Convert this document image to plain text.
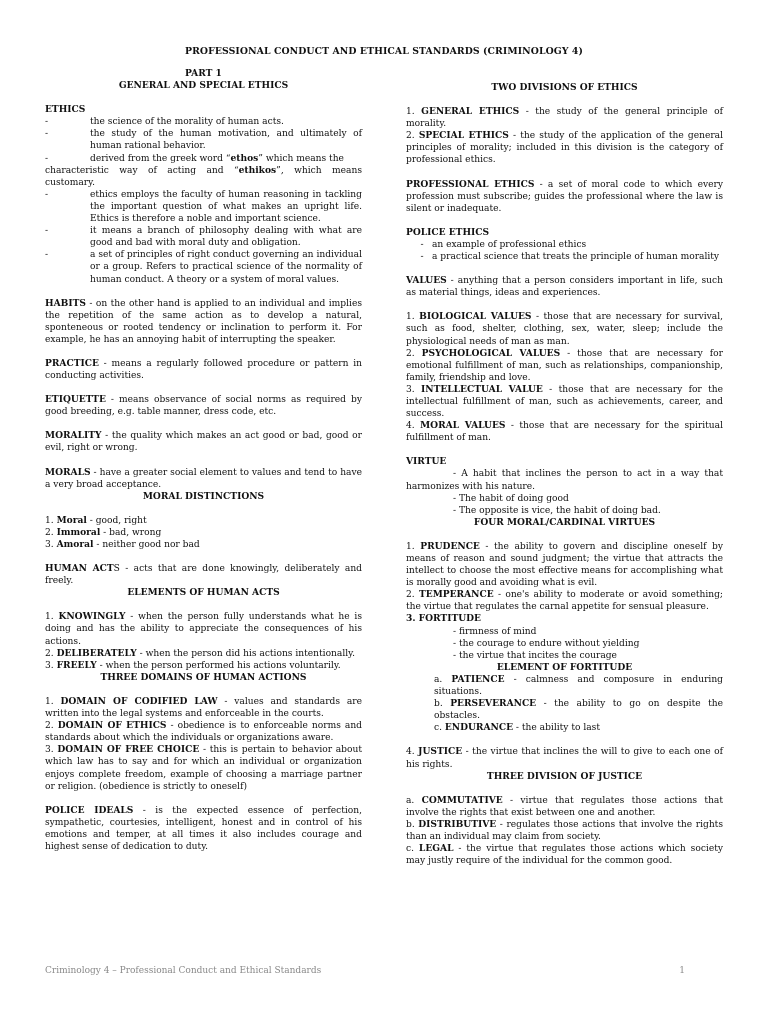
PROFESSIONAL CONDUCT AND ETHICAL STANDARDS (CRIMINOLOGY 4)

PART 1

GENERAL AND SPECIAL ETHICS

ETHICS

-	the science of the morality of human acts.
-	the study of the human motivation, and ultimately of human rational behavior.
-	derived from the greek word “ethos” which means the

characteristic way of acting and “ethikos”, which means customary.

-	ethics employs the faculty of human reasoning in tackling the important question of what makes an upright life. Ethics is therefore a noble and important science.
-	it means a branch of philosophy dealing with what are good and bad with moral duty and obligation.
-	a set of principles of right conduct governing an individual or a group. Refers to practical science of the normality of human conduct. A theory or a system of moral values.

HABITS - on the other hand is applied to an individual and implies the repetition of the same action as to develop a natural, sponteneous or rooted tendency or inclination to perform it. For example, he has an annoying habit of interrupting the speaker.

PRACTICE - means a regularly followed procedure or pattern in conducting activities.

ETIQUETTE - means observance of social norms as required by good breeding, e.g. table manner, dress code, etc.

MORALITY - the quality which makes an act good or bad, good or evil, right or wrong.

MORALS - have a greater social element to values and tend to have a very broad acceptance.

MORAL DISTINCTIONS

1. Moral - good, right

2. Immoral - bad, wrong

3. Amoral - neither good nor bad

HUMAN ACTS - acts that are done knowingly, deliberately and freely.

ELEMENTS OF HUMAN ACTS

1. KNOWINGLY - when the person fully understands what he is doing and has the ability to appreciate the consequences of his actions.

2. DELIBERATELY - when the person did his actions intentionally.

3. FREELY - when the person performed his actions voluntarily.

THREE DOMAINS OF HUMAN ACTIONS

1. DOMAIN OF CODIFIED LAW - values and standards are written into the legal systems and enforceable in the courts.

2. DOMAIN OF ETHICS - obedience is to enforceable norms and standards about which the individuals or organizations aware.

3. DOMAIN OF FREE CHOICE - this is pertain to behavior about which law has to say and for which an individual or organization enjoys complete freedom, example of choosing a marriage partner or religion. (obedience is strictly to oneself)

POLICE IDEALS - is the expected essence of perfection, sympathetic, courtesies, intelligent, honest and in control of his emotions and temper, at all times it also includes courage and highest sense of dedication to duty.

TWO DIVISIONS OF ETHICS

1. GENERAL ETHICS - the study of the general principle of morality.

2. SPECIAL ETHICS - the study of the application of the general principles of morality; included in this division is the category of professional ethics.

PROFESSIONAL ETHICS - a set of moral code to which every profession must subscribe; guides the professional where the law is silent or inadequate.

POLICE ETHICS

- an example of professional ethics
- a practical science that treats the principle of human morality

VALUES - anything that a person considers important in life, such as material things, ideas and experiences.

1. BIOLOGICAL VALUES - those that are necessary for survival, such as food, shelter, clothing, sex, water, sleep; include the physiological needs of man as man.

2. PSYCHOLOGICAL VALUES - those that are necessary for emotional fulfillment of man, such as relationships, companionship, family, friendship and love.

3. INTELLECTUAL VALUE - those that are necessary for the intellectual fulfillment of man, such as achievements, career, and success.

4. MORAL VALUES - those that are necessary for the spiritual fulfillment of man.

VIRTUE

- A habit that inclines the person to act in a way that harmonizes with his nature.

- The habit of doing good

- The opposite is vice, the habit of doing bad.

FOUR MORAL/CARDINAL VIRTUES

1. PRUDENCE - the ability to govern and discipline oneself by means of reason and sound judgment; the virtue that attracts the intellect to choose the most effective means for accomplishing what is morally good and avoiding what is evil.

2. TEMPERANCE - one's ability to moderate or avoid something; the virtue that regulates the carnal appetite for sensual pleasure.

3. FORTITUDE

- firmness of mind

- the courage to endure without yielding

- the virtue that incites the courage

ELEMENT OF FORTITUDE

a. PATIENCE - calmness and composure in enduring situations.

b. PERSEVERANCE - the ability to go on despite the obstacles.

c. ENDURANCE - the ability to last

4. JUSTICE - the virtue that inclines the will to give to each one of his rights.

THREE DIVISION OF JUSTICE

a. COMMUTATIVE - virtue that regulates those actions that involve the rights that exist between one and another.

b. DISTRIBUTIVE - regulates those actions that involve the rights than an individual may claim from society.

c. LEGAL - the virtue that regulates those actions which society may justly require of the individual for the common good.

Criminology 4 – Professional Conduct and Ethical Standards	1
